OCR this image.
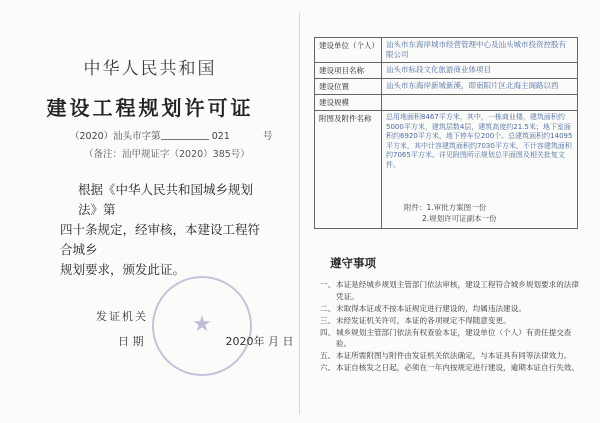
中华人民共和国
建设工程规划许可证
（2020）汕头市字第	021	号
（备注：汕甲规证字（2020）385号）
根据《中华人民共和国城乡规划法》第
四十条规定，经审核，本建设工程符合城乡
规划要求，颁发此证。
★
发证机关
日 期	2020年 月 日
建设单位（个人）	汕头市东海岸城市经营管理中心及汕头城市投资控股有限公司
建设项目名称	汕头市标段文化旅游商业体项目
建设位置	汕头市东海岸新城新溪，即南阳片区北海主阁路以西
建设规模	
附图及附件名称	总用地面积8467平方米，其中，一栋商业楼，建筑面积约5000平方米，建筑层数4层，建筑高度约21.5米；地下室面积约6920平方米，地下停车位200个。总建筑面积约14095平方米，其中计容建筑面积约7030平方米，不计容建筑面积约7065平方米。详见附图所示规划总平面图及相关批复文件。
附件：1.审批方案图一份
2.规划许可证副本一份
遵守事项
一、 本证是经城乡规划主管部门依法审核，建设工程符合城乡规划要求的法律凭证。
二、 未取得本证或不按本证规定进行建设的，均属违法建设。
三、 未经发证机关许可，本证的各项规定不得随意变更。
四、 城乡规划主管部门依法有权查验本证，建设单位（个人）有责任提交查验。
五、 本证所需附图与附件由发证机关依法确定，与本证具有同等法律效力。
六、 本证自核发之日起，必须在一年内按规定进行建设，逾期本证自行失效。
